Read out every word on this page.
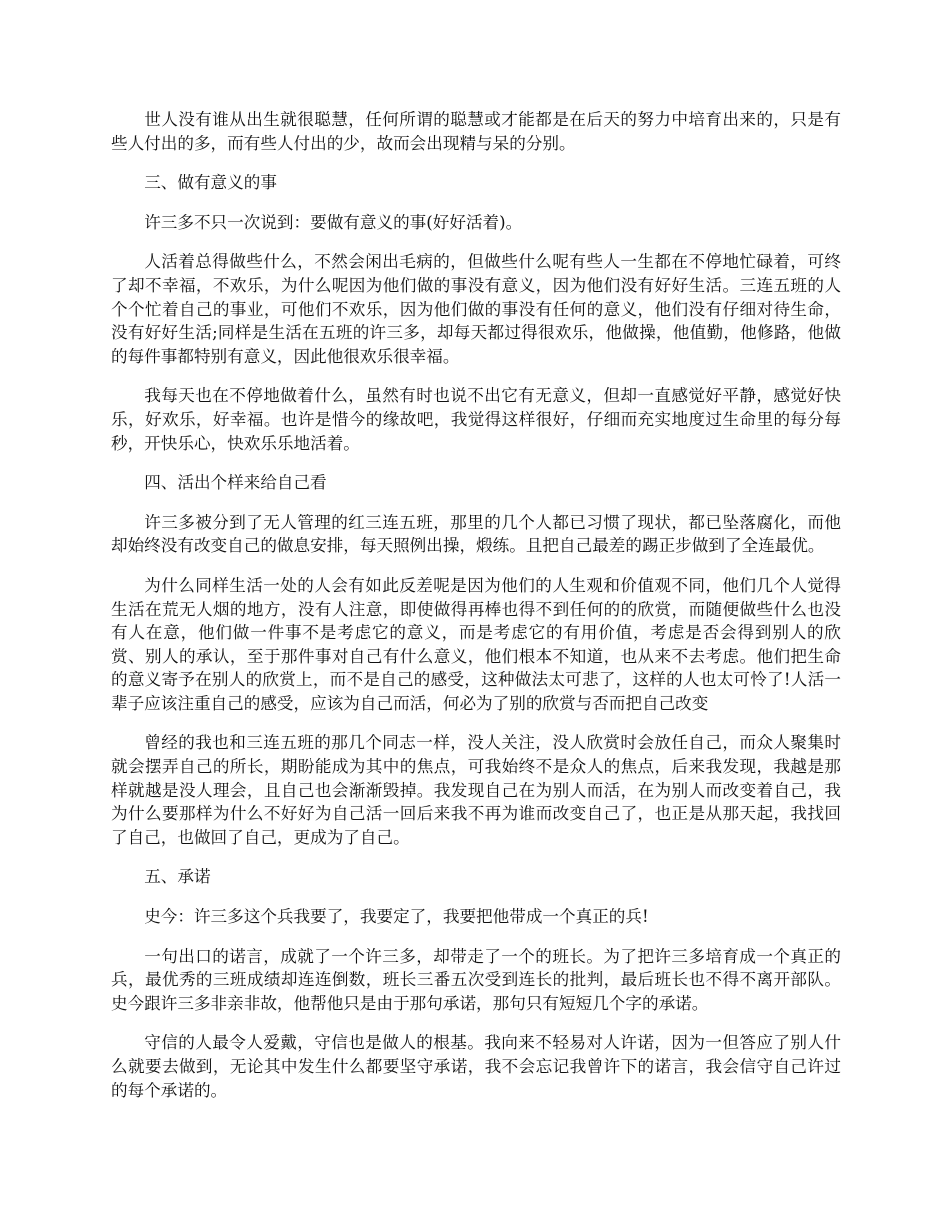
世人没有谁从出生就很聪慧，任何所谓的聪慧或才能都是在后天的努力中培育出来的，只是有些人付出的多，而有些人付出的少，故而会出现精与呆的分别。

三、做有意义的事

许三多不只一次说到：要做有意义的事(好好活着)。

人活着总得做些什么，不然会闲出毛病的，但做些什么呢有些人一生都在不停地忙碌着，可终了却不幸福，不欢乐，为什么呢因为他们做的事没有意义，因为他们没有好好生活。三连五班的人个个忙着自己的事业，可他们不欢乐，因为他们做的事没有任何的意义，他们没有仔细对待生命，没有好好生活;同样是生活在五班的许三多，却每天都过得很欢乐，他做操，他值勤，他修路，他做的每件事都特别有意义，因此他很欢乐很幸福。

我每天也在不停地做着什么，虽然有时也说不出它有无意义，但却一直感觉好平静，感觉好快乐，好欢乐，好幸福。也许是惜今的缘故吧，我觉得这样很好，仔细而充实地度过生命里的每分每秒，开快乐心，快欢乐乐地活着。

四、活出个样来给自己看

许三多被分到了无人管理的红三连五班，那里的几个人都已习惯了现状，都已坠落腐化，而他却始终没有改变自己的做息安排，每天照例出操，煅练。且把自己最差的踢正步做到了全连最优。

为什么同样生活一处的人会有如此反差呢是因为他们的人生观和价值观不同，他们几个人觉得生活在荒无人烟的地方，没有人注意，即使做得再棒也得不到任何的的欣赏，而随便做些什么也没有人在意，他们做一件事不是考虑它的意义，而是考虑它的有用价值，考虑是否会得到别人的欣赏、别人的承认，至于那件事对自己有什么意义，他们根本不知道，也从来不去考虑。他们把生命的意义寄予在别人的欣赏上，而不是自己的感受，这种做法太可悲了，这样的人也太可怜了!人活一辈子应该注重自己的感受，应该为自己而活，何必为了别的欣赏与否而把自己改变

曾经的我也和三连五班的那几个同志一样，没人关注，没人欣赏时会放任自己，而众人聚集时就会摆弄自己的所长，期盼能成为其中的焦点，可我始终不是众人的焦点，后来我发现，我越是那样就越是没人理会，且自己也会渐渐毁掉。我发现自己在为别人而活，在为别人而改变着自己，我为什么要那样为什么不好好为自己活一回后来我不再为谁而改变自己了，也正是从那天起，我找回了自己，也做回了自己，更成为了自己。

五、承诺

史今：许三多这个兵我要了，我要定了，我要把他带成一个真正的兵!

一句出口的诺言，成就了一个许三多，却带走了一个的班长。为了把许三多培育成一个真正的兵，最优秀的三班成绩却连连倒数，班长三番五次受到连长的批判，最后班长也不得不离开部队。史今跟许三多非亲非故，他帮他只是由于那句承诺，那句只有短短几个字的承诺。

守信的人最令人爱戴，守信也是做人的根基。我向来不轻易对人许诺，因为一但答应了别人什么就要去做到，无论其中发生什么都要坚守承诺，我不会忘记我曾许下的诺言，我会信守自己许过的每个承诺的。
